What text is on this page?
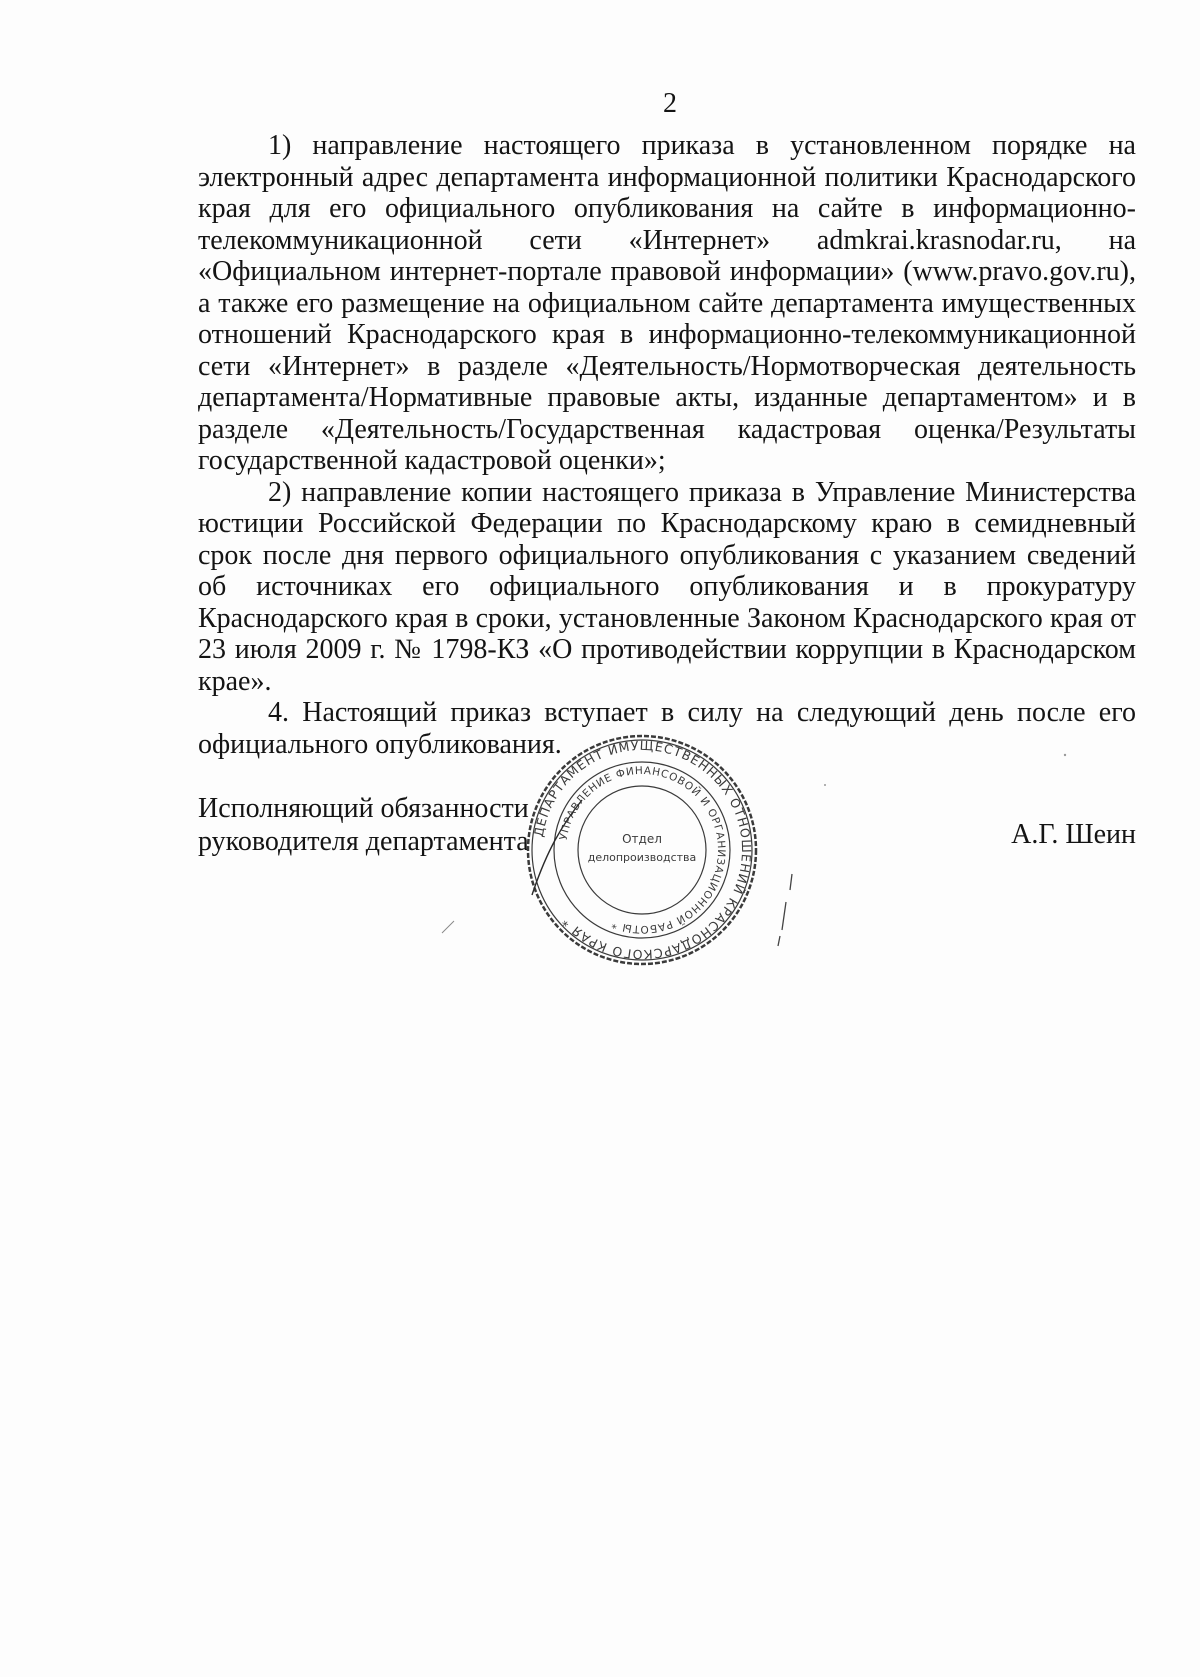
2

1) направление настоящего приказа в установленном порядке на электронный адрес департамента информационной политики Краснодарского края для его официального опубликования на сайте в информационно-телекоммуникационной сети «Интернет» admkrai.krasnodar.ru, на «Официальном интернет-портале правовой информации» (www.pravo.gov.ru), а также его размещение на официальном сайте департамента имущественных отношений Краснодарского края в информационно-телекоммуникационной сети «Интернет» в разделе «Деятельность/Нормотворческая деятельность департамента/Нормативные правовые акты, изданные департаментом» и в разделе «Деятельность/Государственная кадастровая оценка/Результаты государственной кадастровой оценки»;

2) направление копии настоящего приказа в Управление Министерства юстиции Российской Федерации по Краснодарскому краю в семидневный срок после дня первого официального опубликования с указанием сведений об источниках его официального опубликования и в прокуратуру Краснодарского края в сроки, установленные Законом Краснодарского края от 23 июля 2009 г. № 1798-КЗ «О противодействии коррупции в Краснодарском крае».

4. Настоящий приказ вступает в силу на следующий день после его официального опубликования.

Исполняющий обязанности
руководителя департамента	А.Г. Шеин
ДЕПАРТАМЕНТ ИМУЩЕСТВЕННЫХ ОТНОШЕНИЙ КРАСНОДАРСКОГО КРАЯ *
УПРАВЛЕНИЕ ФИНАНСОВОЙ И ОРГАНИЗАЦИОННОЙ РАБОТЫ *
Отдел
делопроизводства
